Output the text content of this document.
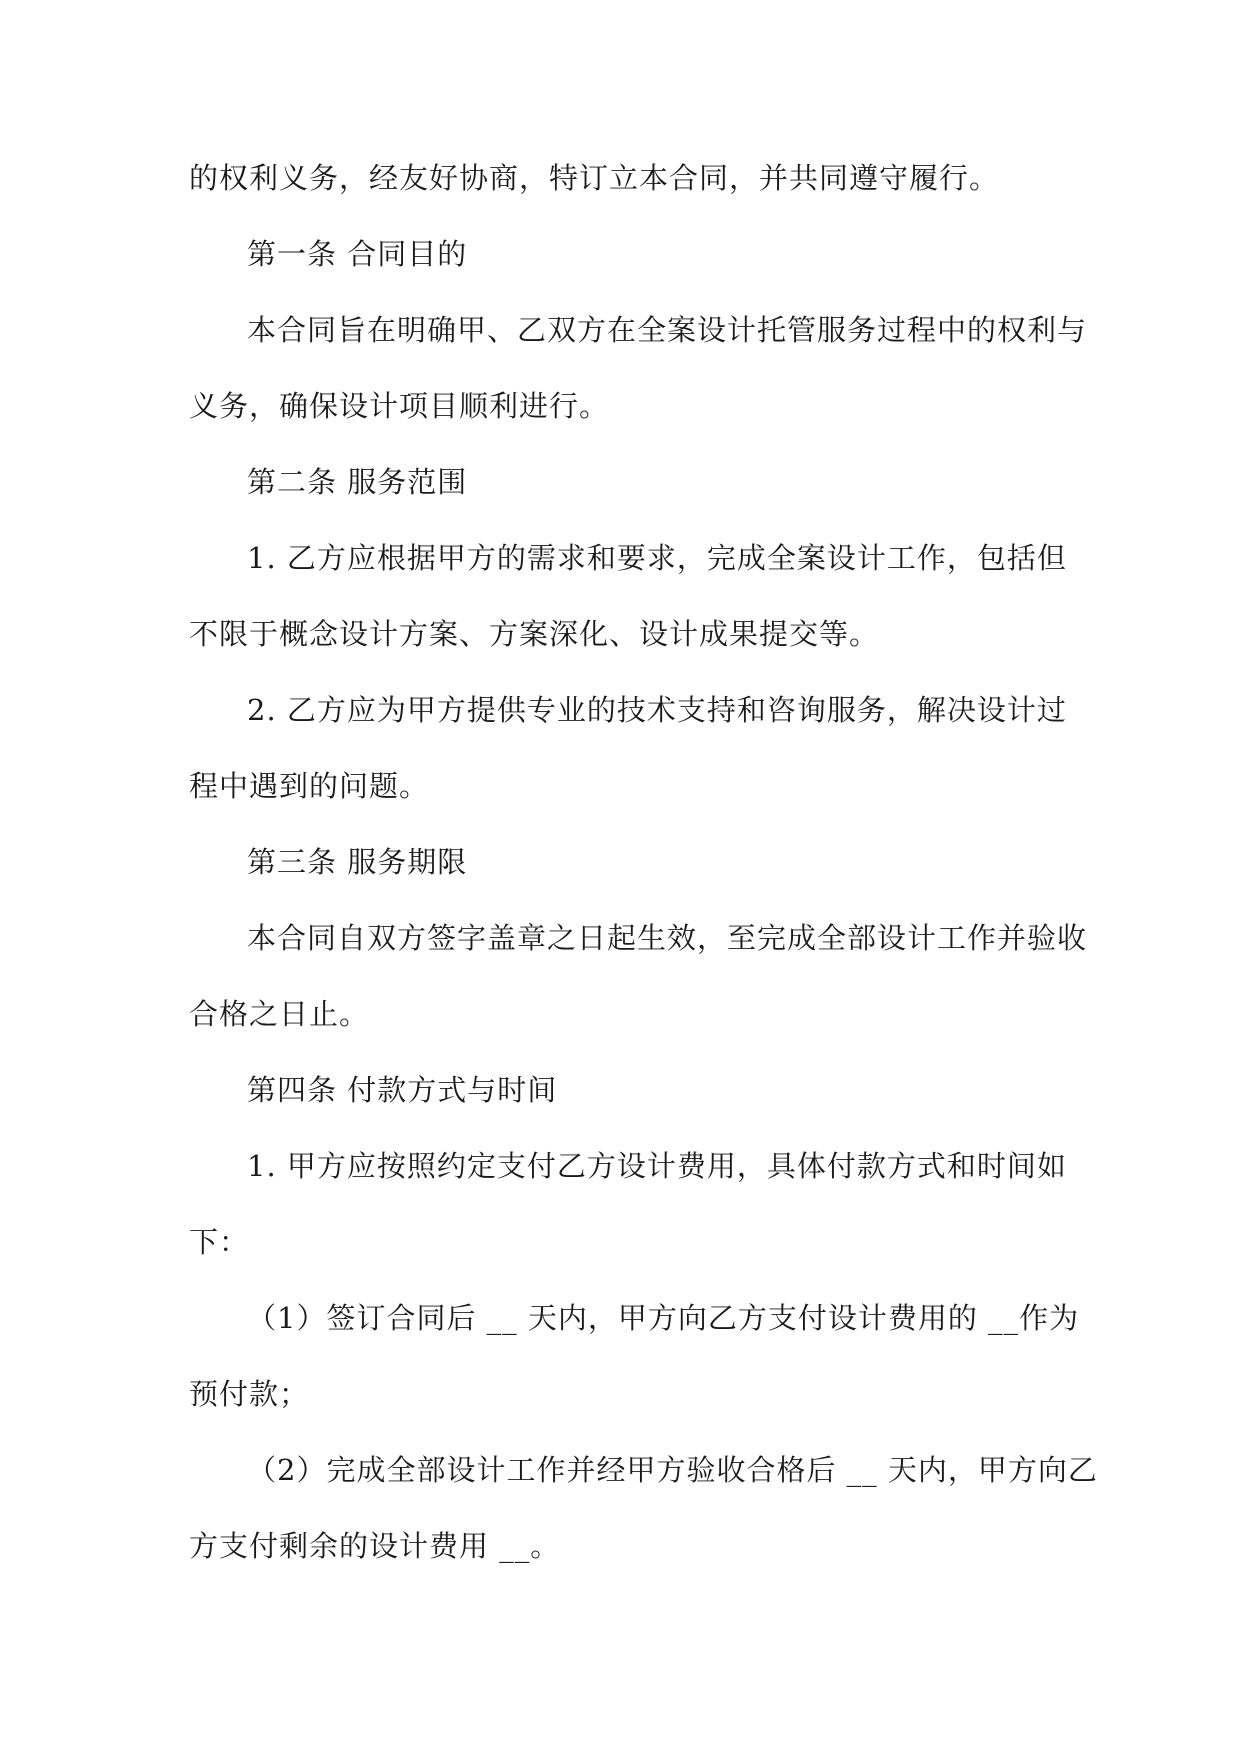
的权利义务，经友好协商，特订立本合同，并共同遵守履行。
第一条 合同目的
本合同旨在明确甲、乙双方在全案设计托管服务过程中的权利与
义务，确保设计项目顺利进行。
第二条 服务范围
1. 乙方应根据甲方的需求和要求，完成全案设计工作，包括但
不限于概念设计方案、方案深化、设计成果提交等。
2. 乙方应为甲方提供专业的技术支持和咨询服务，解决设计过
程中遇到的问题。
第三条 服务期限
本合同自双方签字盖章之日起生效，至完成全部设计工作并验收
合格之日止。
第四条 付款方式与时间
1. 甲方应按照约定支付乙方设计费用，具体付款方式和时间如
下：
（1）签订合同后 __ 天内，甲方向乙方支付设计费用的 __作为
预付款；
（2）完成全部设计工作并经甲方验收合格后 __ 天内，甲方向乙
方支付剩余的设计费用 __。
